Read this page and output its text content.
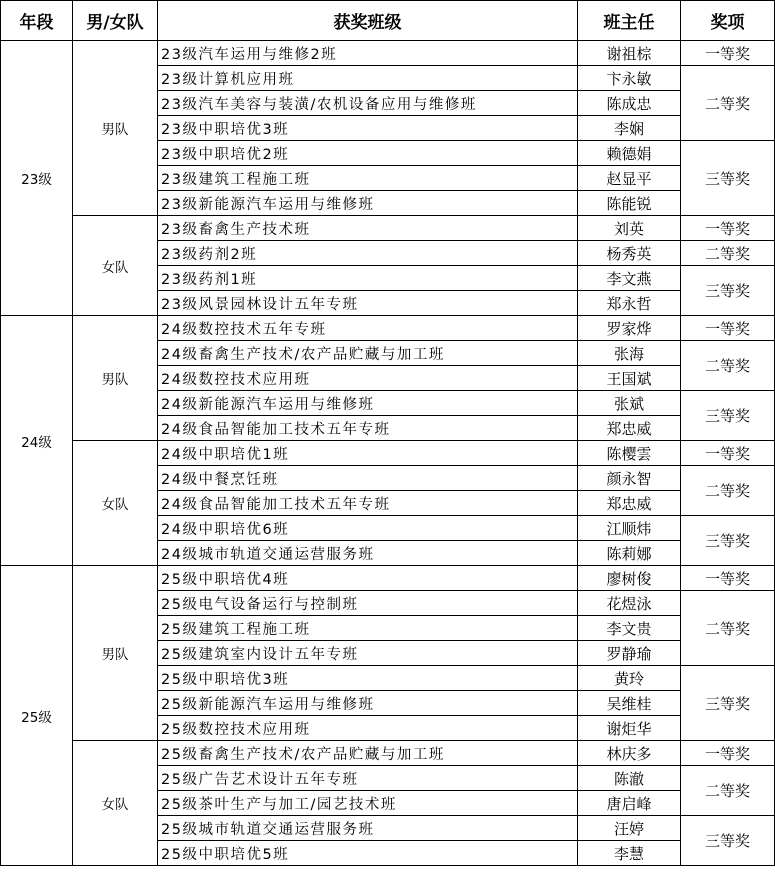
年段	男/女队	获奖班级	班主任	奖项
23级	男队	23级汽车运用与维修2班	谢祖棕	一等奖
		23级计算机应用班	卞永敏	二等奖
		23级汽车美容与装潢/农机设备应用与维修班	陈成忠	
		23级中职培优3班	李娴	
		23级中职培优2班	赖德娟	三等奖
		23级建筑工程施工班	赵显平	
		23级新能源汽车运用与维修班	陈能锐	
	女队	23级畜禽生产技术班	刘英	一等奖
		23级药剂2班	杨秀英	二等奖
		23级药剂1班	李文燕	三等奖
		23级风景园林设计五年专班	郑永哲	
24级	男队	24级数控技术五年专班	罗家烨	一等奖
		24级畜禽生产技术/农产品贮藏与加工班	张海	二等奖
		24级数控技术应用班	王国斌	
		24级新能源汽车运用与维修班	张斌	三等奖
		24级食品智能加工技术五年专班	郑忠威	
	女队	24级中职培优1班	陈樱雲	一等奖
		24级中餐烹饪班	颜永智	二等奖
		24级食品智能加工技术五年专班	郑忠威	
		24级中职培优6班	江顺炜	三等奖
		24级城市轨道交通运营服务班	陈莉娜	
25级	男队	25级中职培优4班	廖树俊	一等奖
		25级电气设备运行与控制班	花煜泳	二等奖
		25级建筑工程施工班	李文贵	
		25级建筑室内设计五年专班	罗静瑜	
		25级中职培优3班	黄玲	三等奖
		25级新能源汽车运用与维修班	吴维桂	
		25级数控技术应用班	谢炬华	
	女队	25级畜禽生产技术/农产品贮藏与加工班	林庆多	一等奖
		25级广告艺术设计五年专班	陈澈	二等奖
		25级茶叶生产与加工/园艺技术班	唐启峰	
		25级城市轨道交通运营服务班	汪婷	三等奖
		25级中职培优5班	李慧	
